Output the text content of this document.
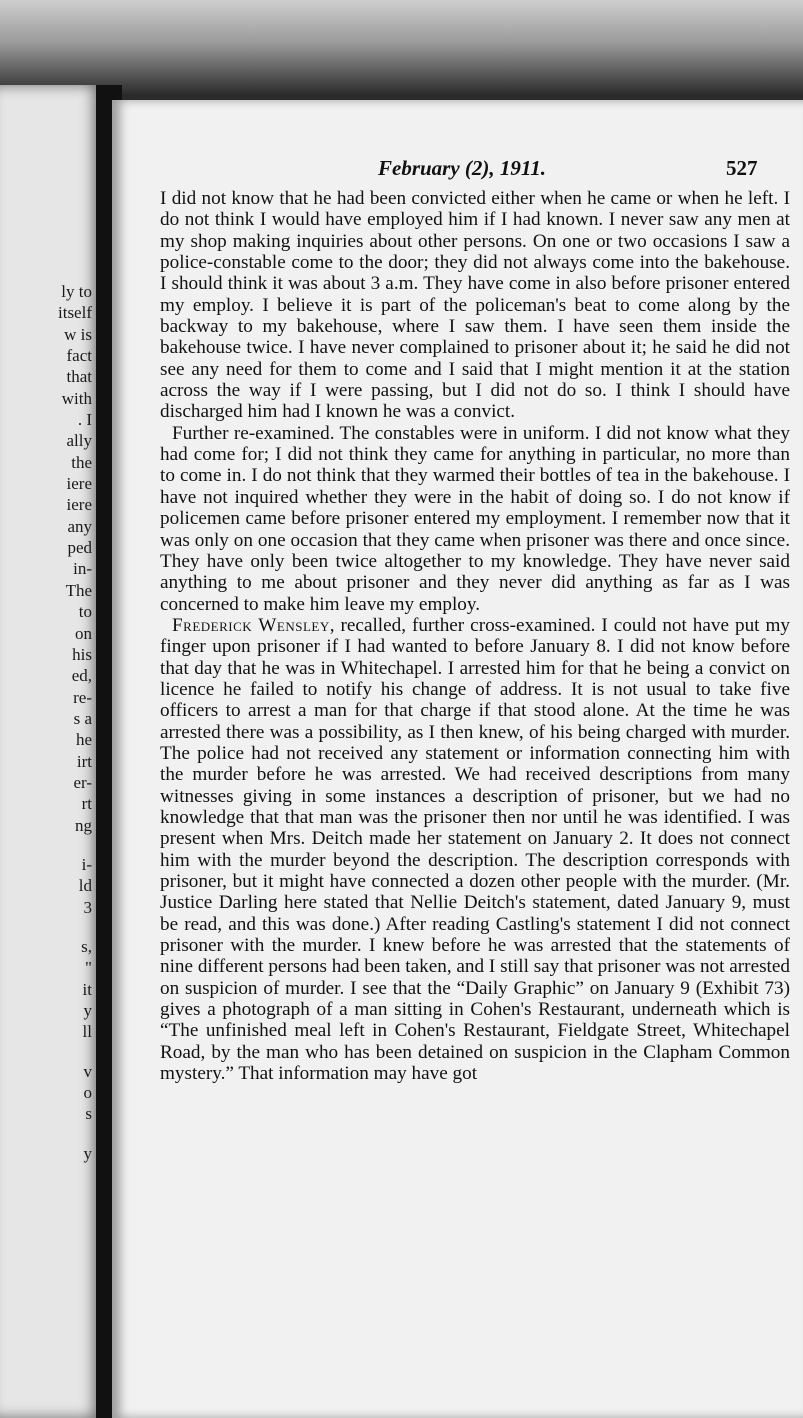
ly to
itself
w is
fact
that
with
. I
ally
the
iere
iere
any
ped
in-
The
to
on
his
ed,
re-
s a
he
irt
er-
rt
ng
i-
ld
3
s,
"
it
y
ll
v
o
s
y
February (2), 1911.	527

I did not know that he had been convicted either when he came or when he left. I do not think I would have employed him if I had known. I never saw any men at my shop making inquiries about other persons. On one or two occasions I saw a police-constable come to the door; they did not always come into the bakehouse. I should think it was about 3 a.m. They have come in also before prisoner entered my employ. I believe it is part of the policeman's beat to come along by the backway to my bakehouse, where I saw them. I have seen them inside the bakehouse twice. I have never complained to prisoner about it; he said he did not see any need for them to come and I said that I might mention it at the station across the way if I were passing, but I did not do so. I think I should have discharged him had I known he was a convict.

Further re-examined. The constables were in uniform. I did not know what they had come for; I did not think they came for anything in particular, no more than to come in. I do not think that they warmed their bottles of tea in the bakehouse. I have not inquired whether they were in the habit of doing so. I do not know if policemen came before prisoner entered my employment. I remember now that it was only on one occasion that they came when prisoner was there and once since. They have only been twice altogether to my knowledge. They have never said anything to me about prisoner and they never did anything as far as I was concerned to make him leave my employ.

Frederick Wensley, recalled, further cross-examined. I could not have put my finger upon prisoner if I had wanted to before January 8. I did not know before that day that he was in Whitechapel. I arrested him for that he being a convict on licence he failed to notify his change of address. It is not usual to take five officers to arrest a man for that charge if that stood alone. At the time he was arrested there was a possibility, as I then knew, of his being charged with murder. The police had not received any statement or information connecting him with the murder before he was arrested. We had received descriptions from many witnesses giving in some instances a description of prisoner, but we had no knowledge that that man was the prisoner then nor until he was identified. I was present when Mrs. Deitch made her statement on January 2. It does not connect him with the murder beyond the description. The description corresponds with prisoner, but it might have connected a dozen other people with the murder. (Mr. Justice Darling here stated that Nellie Deitch's statement, dated January 9, must be read, and this was done.) After reading Castling's statement I did not connect prisoner with the murder. I knew before he was arrested that the statements of nine different persons had been taken, and I still say that prisoner was not arrested on suspicion of murder. I see that the “Daily Graphic” on January 9 (Exhibit 73) gives a photograph of a man sitting in Cohen's Restaurant, underneath which is “The unfinished meal left in Cohen's Restaurant, Fieldgate Street, Whitechapel Road, by the man who has been detained on suspicion in the Clapham Common mystery.” That information may have got
